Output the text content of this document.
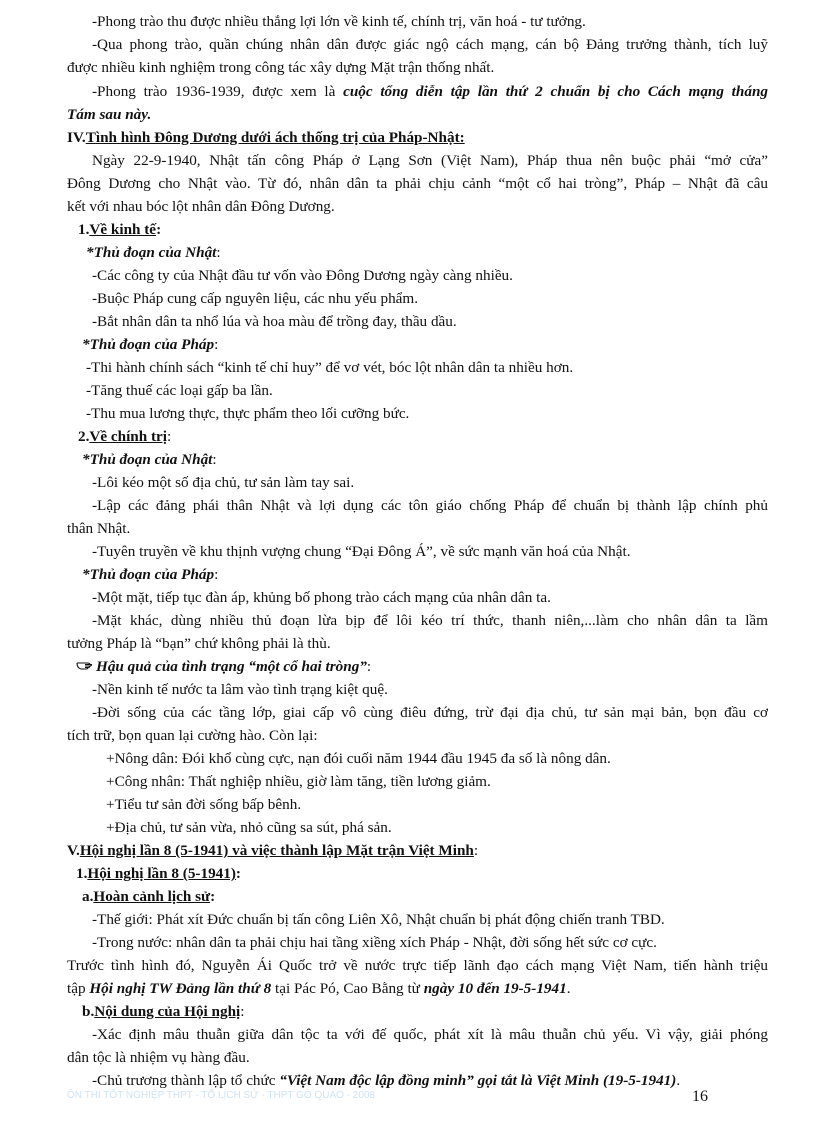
-Phong trào thu được nhiều thắng lợi lớn về kinh tế, chính trị, văn hoá - tư tưởng.
-Qua phong trào, quần chúng nhân dân được giác ngộ cách mạng, cán bộ Đảng trưởng thành, tích luỹ
được nhiều kinh nghiệm trong công tác xây dựng Mặt trận thống nhất.
-Phong trào 1936-1939, được xem là cuộc tổng diễn tập lần thứ 2 chuẩn bị cho Cách mạng tháng
Tám sau này.
IV.Tình hình Đông Dương dưới ách thống trị của Pháp-Nhật:
Ngày 22-9-1940, Nhật tấn công Pháp ở Lạng Sơn (Việt Nam), Pháp thua nên buộc phải “mở cửa”
Đông Dương cho Nhật vào. Từ đó, nhân dân ta phải chịu cảnh “một cổ hai tròng”, Pháp – Nhật đã câu
kết với nhau bóc lột nhân dân Đông Dương.
1.Về kinh tế:
*Thủ đoạn của Nhật:
-Các công ty của Nhật đầu tư vốn vào Đông Dương ngày càng nhiều.
-Buộc Pháp cung cấp nguyên liệu, các nhu yếu phẩm.
-Bắt nhân dân ta nhổ lúa và hoa màu để trồng đay, thầu dầu.
*Thủ đoạn của Pháp:
-Thi hành chính sách “kinh tế chỉ huy” để vơ vét, bóc lột nhân dân ta nhiều hơn.
-Tăng thuế các loại gấp ba lần.
-Thu mua lương thực, thực phẩm theo lối cưỡng bức.
2.Về chính trị:
*Thủ đoạn của Nhật:
-Lôi kéo một số địa chủ, tư sản làm tay sai.
-Lập các đảng phái thân Nhật và lợi dụng các tôn giáo chống Pháp để chuẩn bị thành lập chính phủ
thân Nhật.
-Tuyên truyền về khu thịnh vượng chung “Đại Đông Á”, về sức mạnh văn hoá của Nhật.
*Thủ đoạn của Pháp:
-Một mặt, tiếp tục đàn áp, khủng bố phong trào cách mạng của nhân dân ta.
-Mặt khác, dùng nhiều thủ đoạn lừa bịp để lôi kéo trí thức, thanh niên,...làm cho nhân dân ta lầm
tưởng Pháp là “bạn” chứ không phải là thù.
Hậu quả của tình trạng “một cổ hai tròng”:
-Nền kinh tế nước ta lâm vào tình trạng kiệt quệ.
-Đời sống của các tầng lớp, giai cấp vô cùng điêu đứng, trừ đại địa chủ, tư sản mại bản, bọn đầu cơ
tích trữ, bọn quan lại cường hào. Còn lại:
+Nông dân: Đói khổ cùng cực, nạn đói cuối năm 1944 đầu 1945 đa số là nông dân.
+Công nhân: Thất nghiệp nhiều, giờ làm tăng, tiền lương giảm.
+Tiểu tư sản đời sống bấp bênh.
+Địa chủ, tư sản vừa, nhỏ cũng sa sút, phá sản.
V.Hội nghị lần 8 (5-1941) và việc thành lập Mặt trận Việt Minh:
1.Hội nghị lần 8 (5-1941):
a.Hoàn cảnh lịch sử:
-Thế giới: Phát xít Đức chuẩn bị tấn công Liên Xô, Nhật chuẩn bị phát động chiến tranh TBD.
-Trong nước: nhân dân ta phải chịu hai tầng xiềng xích Pháp - Nhật, đời sống hết sức cơ cực.
Trước tình hình đó, Nguyễn Ái Quốc trở về nước trực tiếp lãnh đạo cách mạng Việt Nam, tiến hành triệu
tập Hội nghị TW Đảng lần thứ 8 tại Pác Pó, Cao Bằng từ ngày 10 đến 19-5-1941.
b.Nội dung của Hội nghị:
-Xác định mâu thuẫn giữa dân tộc ta với đế quốc, phát xít là mâu thuẫn chủ yếu. Vì vậy, giải phóng
dân tộc là nhiệm vụ hàng đầu.
-Chủ trương thành lập tổ chức “Việt Nam độc lập đồng minh” gọi tắt là Việt Minh (19-5-1941).
ÔN THI TỐT NGHIỆP THPT - TỔ LỊCH SỬ - THPT GÒ QUAO - 2008	16
